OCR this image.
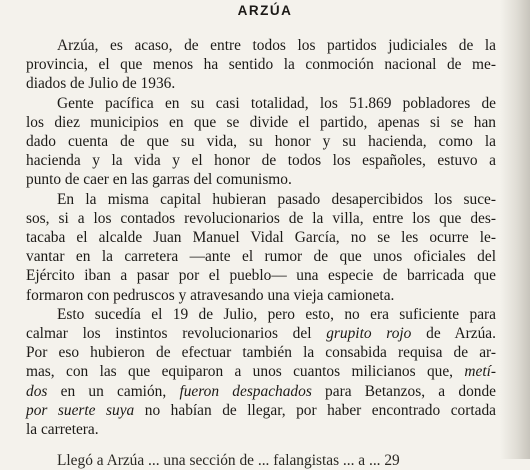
ARZÚA
Arzúa, es acaso, de entre todos los partidos judiciales de la
provincia, el que menos ha sentido la conmoción nacional de me-
diados de Julio de 1936.
Gente pacífica en su casi totalidad, los 51.869 pobladores de
los diez municipios en que se divide el partido, apenas si se han
dado cuenta de que su vida, su honor y su hacienda, como la
hacienda y la vida y el honor de todos los españoles, estuvo a
punto de caer en las garras del comunismo.
En la misma capital hubieran pasado desapercibidos los suce-
sos, si a los contados revolucionarios de la villa, entre los que des-
tacaba el alcalde Juan Manuel Vidal García, no se les ocurre le-
vantar en la carretera —ante el rumor de que unos oficiales del
Ejército iban a pasar por el pueblo— una especie de barricada que
formaron con pedruscos y atravesando una vieja camioneta.
Esto sucedía el 19 de Julio, pero esto, no era suficiente para
calmar los instintos revolucionarios del grupito rojo de Arzúa.
Por eso hubieron de efectuar también la consabida requisa de ar-
mas, con las que equiparon a unos cuantos milicianos que, metí-
dos en un camión, fueron despachados para Betanzos, a donde
por suerte suya no habían de llegar, por haber encontrado cortada
la carretera.
Llegó a Arzúa ... una sección de ... falangistas ... a ... 29
